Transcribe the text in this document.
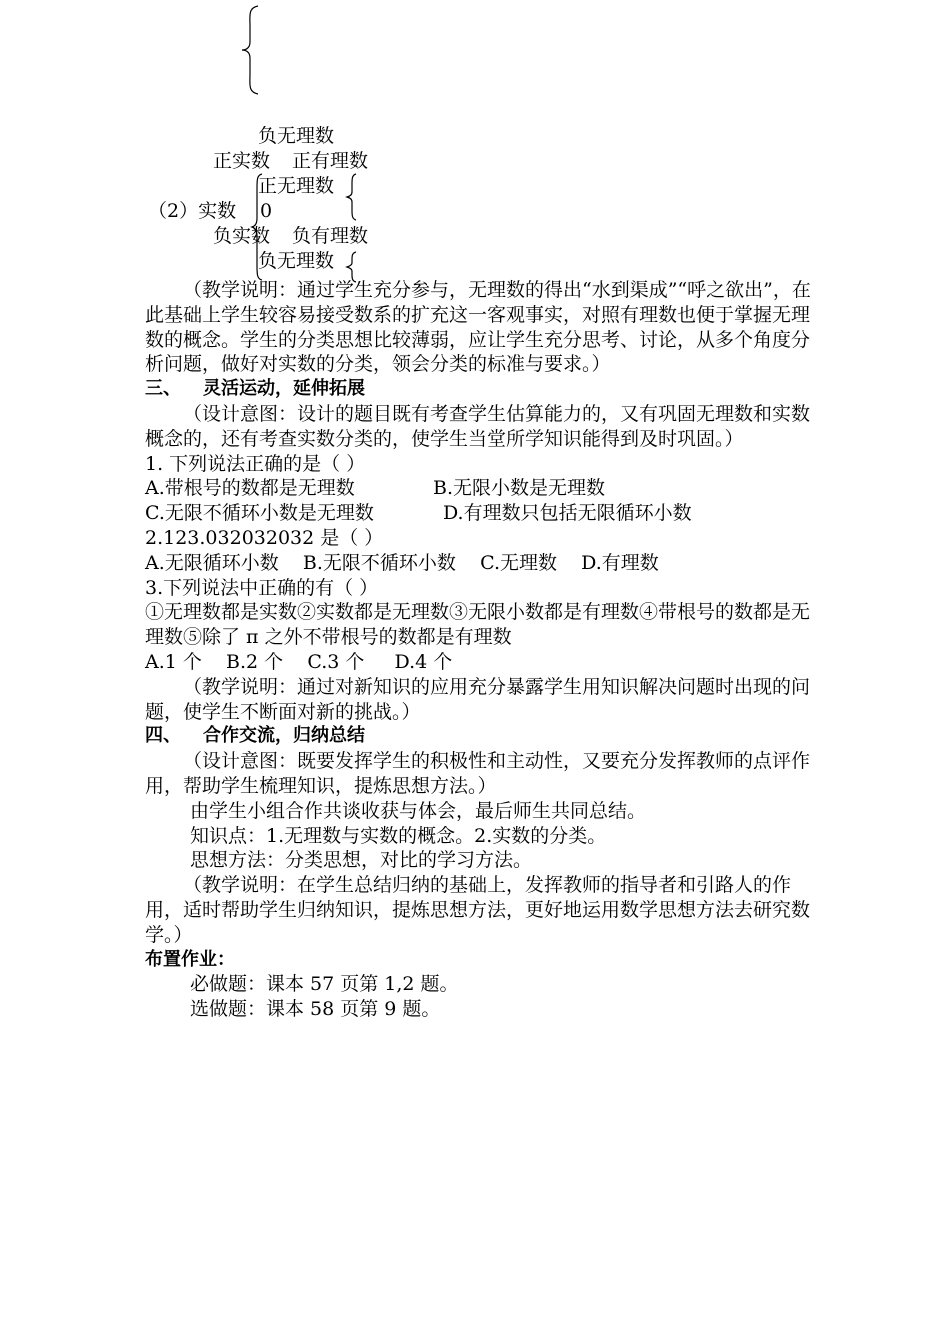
负无理数
正实数 正有理数
正无理数
（2）实数 0
负实数 负有理数
负无理数

（教学说明：通过学生充分参与，无理数的得出“水到渠成”“呼之欲出”，在此基础上学生较容易接受数系的扩充这一客观事实，对照有理数也便于掌握无理数的概念。学生的分类思想比较薄弱，应让学生充分思考、讨论，从多个角度分析问题，做好对实数的分类，领会分类的标准与要求。）

三、 灵活运动，延伸拓展

（设计意图：设计的题目既有考查学生估算能力的，又有巩固无理数和实数概念的，还有考查实数分类的，使学生当堂所学知识能得到及时巩固。）

1. 下列说法正确的是（ ）

A.带根号的数都是无理数	B.无限小数是无理数

C.无限不循环小数是无理数	D.有理数只包括无限循环小数

2.123.032032032 是（ ）

A.无限循环小数    B.无限不循环小数    C.无理数    D.有理数

3.下列说法中正确的有（ ）

①无理数都是实数②实数都是无理数③无限小数都是有理数④带根号的数都是无理数⑤除了 π 之外不带根号的数都是有理数

A.1 个    B.2 个    C.3 个     D.4 个

（教学说明：通过对新知识的应用充分暴露学生用知识解决问题时出现的问题，使学生不断面对新的挑战。）

四、 合作交流，归纳总结

（设计意图：既要发挥学生的积极性和主动性，又要充分发挥教师的点评作用，帮助学生梳理知识，提炼思想方法。）

由学生小组合作共谈收获与体会，最后师生共同总结。

知识点：1.无理数与实数的概念。2.实数的分类。

思想方法：分类思想，对比的学习方法。

（教学说明：在学生总结归纳的基础上，发挥教师的指导者和引路人的作用，适时帮助学生归纳知识，提炼思想方法，更好地运用数学思想方法去研究数学。）

布置作业：

必做题：课本 57 页第 1,2 题。

选做题：课本 58 页第 9 题。
